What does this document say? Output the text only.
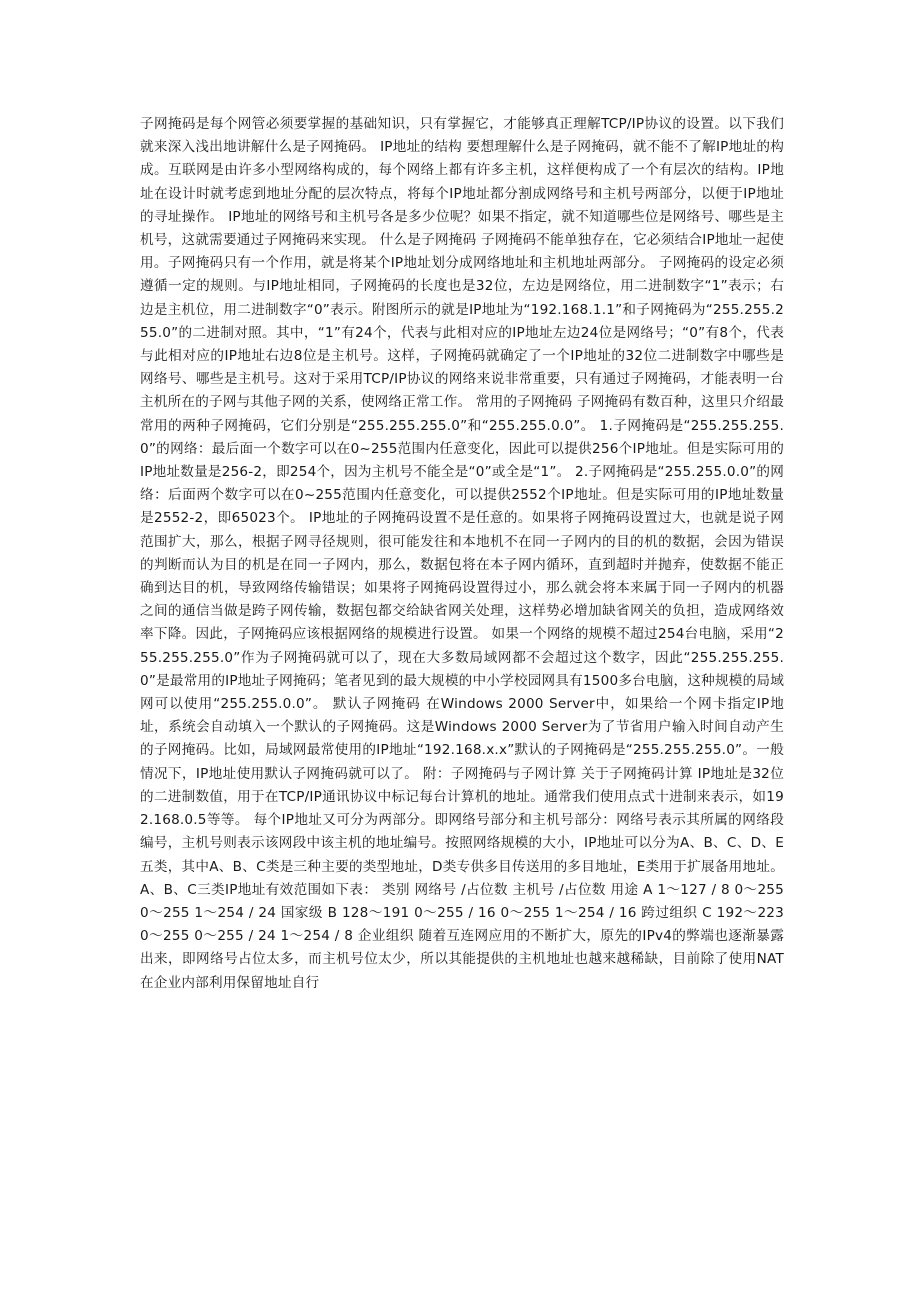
子网掩码是每个网管必须要掌握的基础知识，只有掌握它，才能够真正理解TCP/IP协议的设置。以下我们就来深入浅出地讲解什么是子网掩码。 IP地址的结构 要想理解什么是子网掩码，就不能不了解IP地址的构成。互联网是由许多小型网络构成的，每个网络上都有许多主机，这样便构成了一个有层次的结构。IP地址在设计时就考虑到地址分配的层次特点，将每个IP地址都分割成网络号和主机号两部分，以便于IP地址的寻址操作。 IP地址的网络号和主机号各是多少位呢？如果不指定，就不知道哪些位是网络号、哪些是主机号，这就需要通过子网掩码来实现。 什么是子网掩码 子网掩码不能单独存在，它必须结合IP地址一起使用。子网掩码只有一个作用，就是将某个IP地址划分成网络地址和主机地址两部分。 子网掩码的设定必须遵循一定的规则。与IP地址相同，子网掩码的长度也是32位，左边是网络位，用二进制数字“1”表示；右边是主机位，用二进制数字“0”表示。附图所示的就是IP地址为“192.168.1.1”和子网掩码为“255.255.255.0”的二进制对照。其中，“1”有24个，代表与此相对应的IP地址左边24位是网络号；“0”有8个，代表与此相对应的IP地址右边8位是主机号。这样，子网掩码就确定了一个IP地址的32位二进制数字中哪些是网络号、哪些是主机号。这对于采用TCP/IP协议的网络来说非常重要，只有通过子网掩码，才能表明一台主机所在的子网与其他子网的关系，使网络正常工作。 常用的子网掩码 子网掩码有数百种，这里只介绍最常用的两种子网掩码，它们分别是“255.255.255.0”和“255.255.0.0”。 1.子网掩码是“255.255.255.0”的网络：最后面一个数字可以在0~255范围内任意变化，因此可以提供256个IP地址。但是实际可用的IP地址数量是256-2，即254个，因为主机号不能全是“0”或全是“1”。 2.子网掩码是“255.255.0.0”的网络：后面两个数字可以在0~255范围内任意变化，可以提供2552个IP地址。但是实际可用的IP地址数量是2552-2，即65023个。 IP地址的子网掩码设置不是任意的。如果将子网掩码设置过大，也就是说子网范围扩大，那么，根据子网寻径规则，很可能发往和本地机不在同一子网内的目的机的数据，会因为错误的判断而认为目的机是在同一子网内，那么，数据包将在本子网内循环，直到超时并抛弃，使数据不能正确到达目的机，导致网络传输错误；如果将子网掩码设置得过小，那么就会将本来属于同一子网内的机器之间的通信当做是跨子网传输，数据包都交给缺省网关处理，这样势必增加缺省网关的负担，造成网络效率下降。因此，子网掩码应该根据网络的规模进行设置。 如果一个网络的规模不超过254台电脑，采用“255.255.255.0”作为子网掩码就可以了，现在大多数局域网都不会超过这个数字，因此“255.255.255.0”是最常用的IP地址子网掩码；笔者见到的最大规模的中小学校园网具有1500多台电脑，这种规模的局域网可以使用“255.255.0.0”。 默认子网掩码 在Windows 2000 Server中，如果给一个网卡指定IP地址，系统会自动填入一个默认的子网掩码。这是Windows 2000 Server为了节省用户输入时间自动产生的子网掩码。比如，局域网最常使用的IP地址“192.168.x.x”默认的子网掩码是“255.255.255.0”。一般情况下，IP地址使用默认子网掩码就可以了。 附：子网掩码与子网计算 关于子网掩码计算 IP地址是32位的二进制数值，用于在TCP/IP通讯协议中标记每台计算机的地址。通常我们使用点式十进制来表示，如192.168.0.5等等。 每个IP地址又可分为两部分。即网络号部分和主机号部分：网络号表示其所属的网络段编号，主机号则表示该网段中该主机的地址编号。按照网络规模的大小，IP地址可以分为A、B、C、D、E五类，其中A、B、C类是三种主要的类型地址，D类专供多目传送用的多目地址，E类用于扩展备用地址。A、B、C三类IP地址有效范围如下表： 类别 网络号 /占位数 主机号 /占位数 用途 A 1～127 / 8 0～255 0～255 1～254 / 24 国家级 B 128～191 0～255 / 16 0～255 1～254 / 16 跨过组织 C 192～223 0～255 0～255 / 24 1～254 / 8 企业组织 随着互连网应用的不断扩大，原先的IPv4的弊端也逐渐暴露出来，即网络号占位太多，而主机号位太少，所以其能提供的主机地址也越来越稀缺，目前除了使用NAT在企业内部利用保留地址自行
